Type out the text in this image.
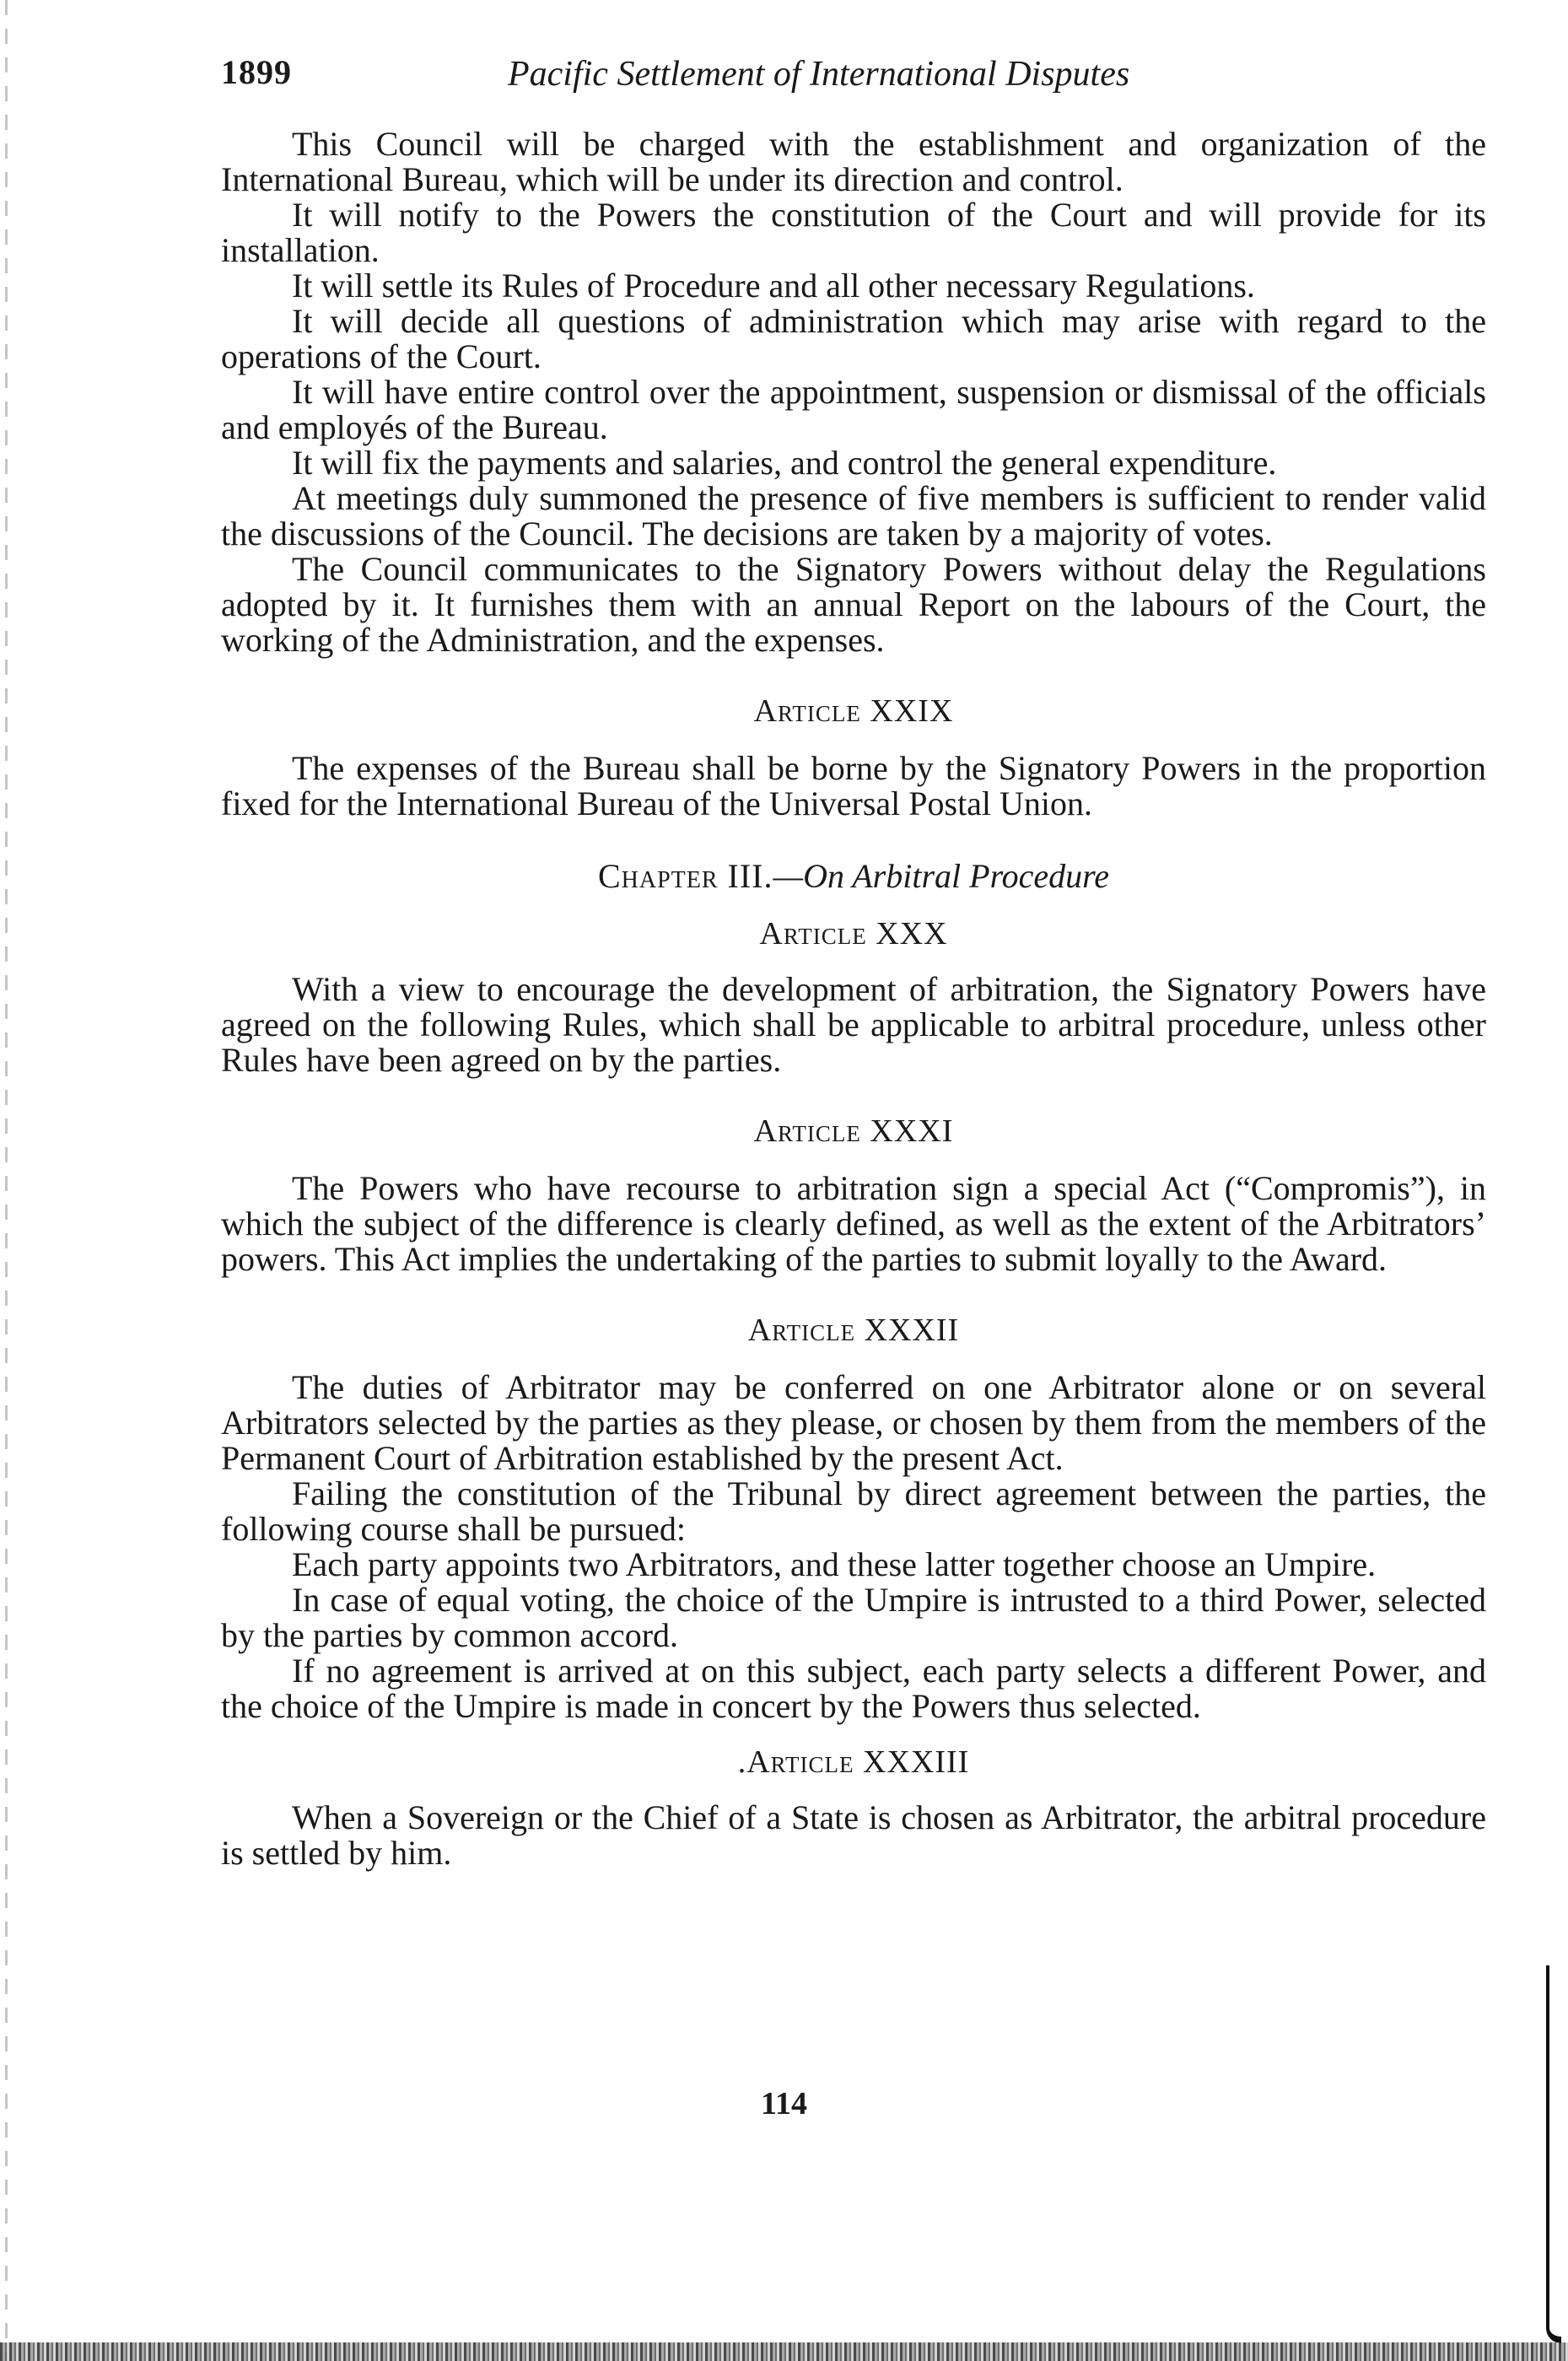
1899	Pacific Settlement of International Disputes

This Council will be charged with the establishment and organization of the International Bureau, which will be under its direction and control.

It will notify to the Powers the constitution of the Court and will provide for its installation.

It will settle its Rules of Procedure and all other necessary Regulations.

It will decide all questions of administration which may arise with regard to the operations of the Court.

It will have entire control over the appointment, suspension or dismissal of the officials and employés of the Bureau.

It will fix the payments and salaries, and control the general expenditure.

At meetings duly summoned the presence of five members is sufficient to render valid the discussions of the Council. The decisions are taken by a majority of votes.

The Council communicates to the Signatory Powers without delay the Regulations adopted by it. It furnishes them with an annual Report on the labours of the Court, the working of the Administration, and the expenses.

Article XXIX

The expenses of the Bureau shall be borne by the Signatory Powers in the proportion fixed for the International Bureau of the Universal Postal Union.

Chapter III.—On Arbitral Procedure

Article XXX

With a view to encourage the development of arbitration, the Signatory Powers have agreed on the following Rules, which shall be applicable to arbitral procedure, unless other Rules have been agreed on by the parties.

Article XXXI

The Powers who have recourse to arbitration sign a special Act (“Compromis”), in which the subject of the difference is clearly defined, as well as the extent of the Arbitrators’ powers. This Act implies the undertaking of the parties to submit loyally to the Award.

Article XXXII

The duties of Arbitrator may be conferred on one Arbitrator alone or on several Arbitrators selected by the parties as they please, or chosen by them from the members of the Permanent Court of Arbitration established by the present Act.

Failing the constitution of the Tribunal by direct agreement between the parties, the following course shall be pursued:

Each party appoints two Arbitrators, and these latter together choose an Umpire.

In case of equal voting, the choice of the Umpire is intrusted to a third Power, selected by the parties by common accord.

If no agreement is arrived at on this subject, each party selects a different Power, and the choice of the Umpire is made in concert by the Powers thus selected.

.Article XXXIII

When a Sovereign or the Chief of a State is chosen as Arbitrator, the arbitral procedure is settled by him.

114
